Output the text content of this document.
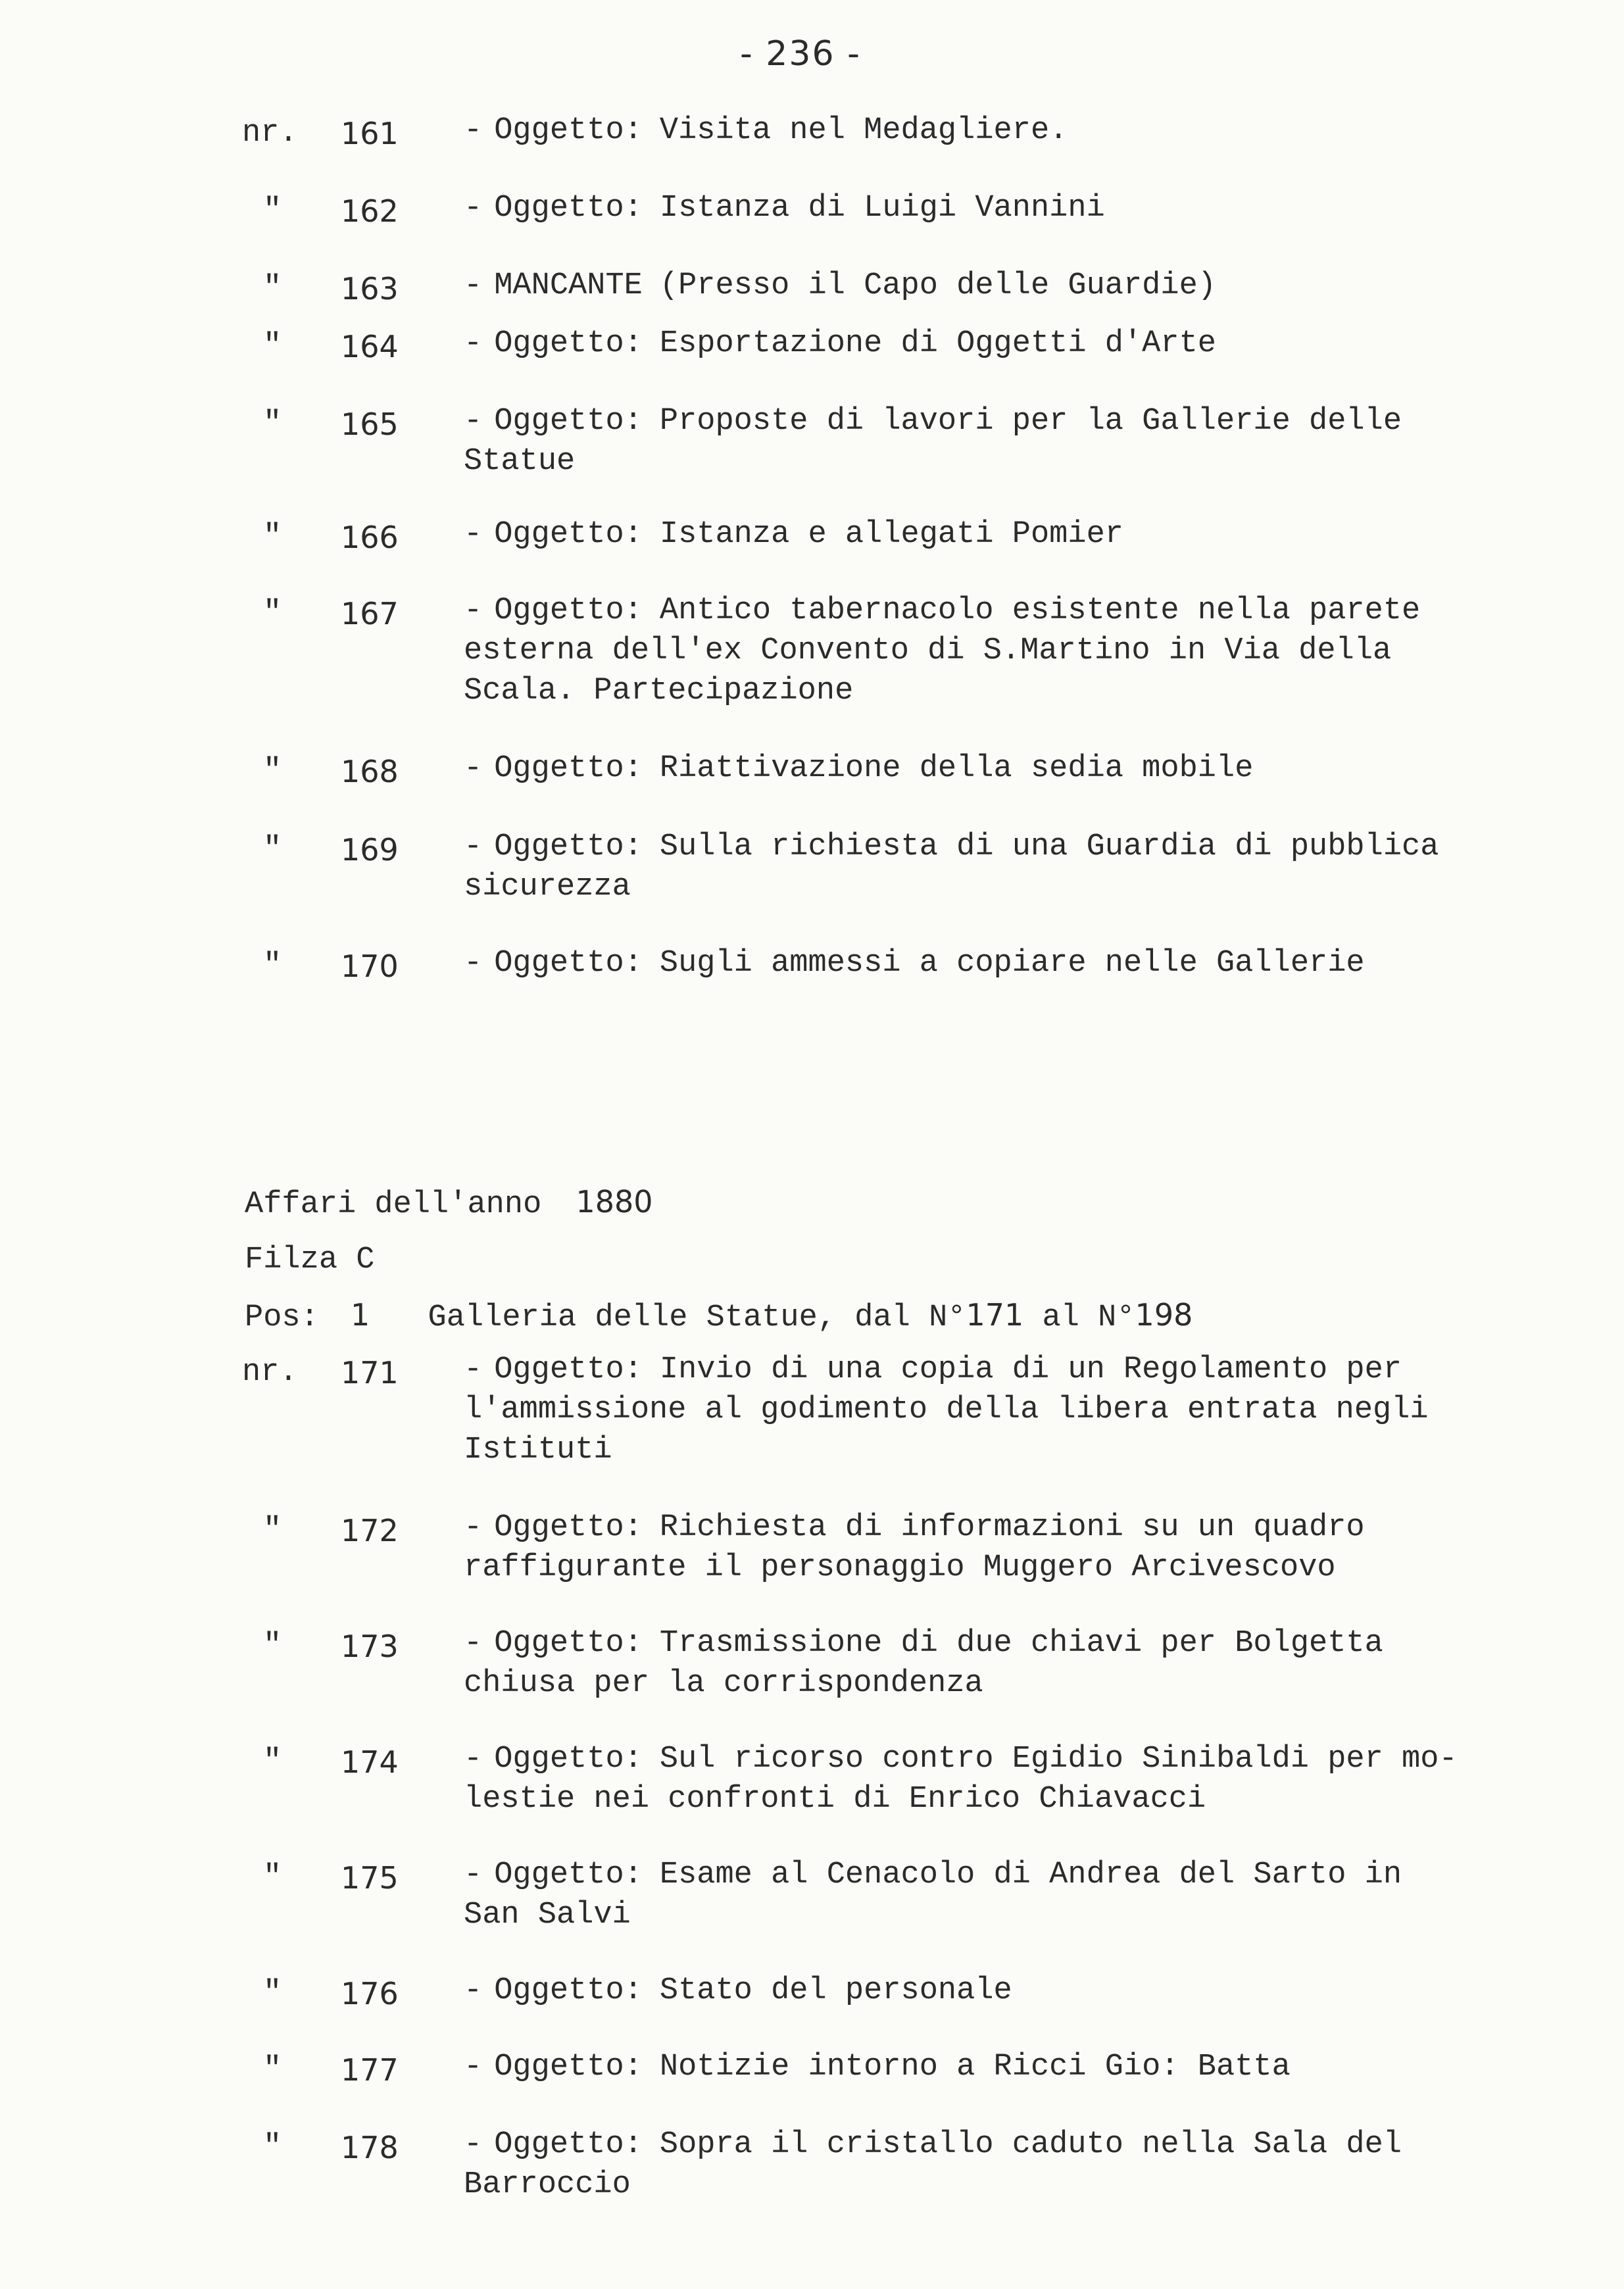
- 236 -
nr. 161 - Oggetto: Visita nel Medagliere.
" 162 - Oggetto: Istanza di Luigi Vannini
" 163 - MANCANTE (Presso il Capo delle Guardie)
" 164 - Oggetto: Esportazione di Oggetti d'Arte
" 165 - Oggetto: Proposte di lavori per la Gallerie delle
Statue
" 166 - Oggetto: Istanza e allegati Pomier
" 167 - Oggetto: Antico tabernacolo esistente nella parete
esterna dell'ex Convento di S.Martino in Via della
Scala. Partecipazione
" 168 - Oggetto: Riattivazione della sedia mobile
" 169 - Oggetto: Sulla richiesta di una Guardia di pubblica
sicurezza
" 170 - Oggetto: Sugli ammessi a copiare nelle Gallerie
Affari dell'anno 1880
Filza C
Pos: 1 Galleria delle Statue, dal N°171 al N°198
nr. 171 - Oggetto: Invio di una copia di un Regolamento per
l'ammissione al godimento della libera entrata negli
Istituti
" 172 - Oggetto: Richiesta di informazioni su un quadro
raffigurante il personaggio Muggero Arcivescovo
" 173 - Oggetto: Trasmissione di due chiavi per Bolgetta
chiusa per la corrispondenza
" 174 - Oggetto: Sul ricorso contro Egidio Sinibaldi per mo-
lestie nei confronti di Enrico Chiavacci
" 175 - Oggetto: Esame al Cenacolo di Andrea del Sarto in
San Salvi
" 176 - Oggetto: Stato del personale
" 177 - Oggetto: Notizie intorno a Ricci Gio: Batta
" 178 - Oggetto: Sopra il cristallo caduto nella Sala del
Barroccio
